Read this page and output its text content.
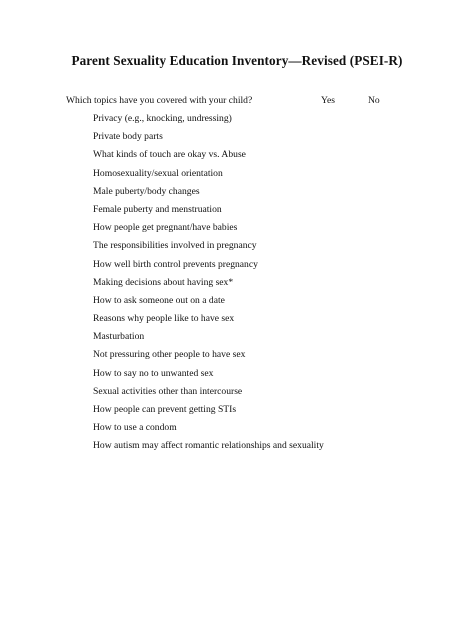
Parent Sexuality Education Inventory—Revised (PSEI-R)
Which topics have you covered with your child?	Yes	No
Privacy (e.g., knocking, undressing)
Private body parts
What kinds of touch are okay vs. Abuse
Homosexuality/sexual orientation
Male puberty/body changes
Female puberty and menstruation
How people get pregnant/have babies
The responsibilities involved in pregnancy
How well birth control prevents pregnancy
Making decisions about having sex*
How to ask someone out on a date
Reasons why people like to have sex
Masturbation
Not pressuring other people to have sex
How to say no to unwanted sex
Sexual activities other than intercourse
How people can prevent getting STIs
How to use a condom
How autism may affect romantic relationships and sexuality
